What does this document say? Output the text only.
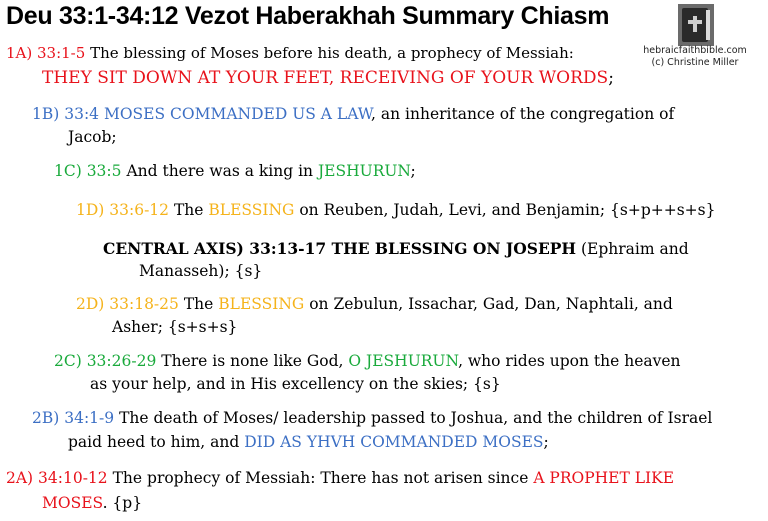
Deu 33:1-34:12 Vezot Haberakhah Summary Chiasm
hebraicfaithbible.com
(c) Christine Miller
1A) 33:1-5 The blessing of Moses before his death, a prophecy of Messiah:
THEY SIT DOWN AT YOUR FEET, RECEIVING OF YOUR WORDS;
1B) 33:4 MOSES COMMANDED US A LAW, an inheritance of the congregation of
Jacob;
1C) 33:5 And there was a king in JESHURUN;
1D) 33:6-12 The BLESSING on Reuben, Judah, Levi, and Benjamin; {s+p++s+s}
CENTRAL AXIS) 33:13-17 THE BLESSING ON JOSEPH (Ephraim and
Manasseh); {s}
2D) 33:18-25 The BLESSING on Zebulun, Issachar, Gad, Dan, Naphtali, and
Asher; {s+s+s}
2C) 33:26-29 There is none like God, O JESHURUN, who rides upon the heaven
as your help, and in His excellency on the skies; {s}
2B) 34:1-9 The death of Moses/ leadership passed to Joshua, and the children of Israel
paid heed to him, and DID AS YHVH COMMANDED MOSES;
2A) 34:10-12 The prophecy of Messiah: There has not arisen since A PROPHET LIKE
MOSES. {p}
